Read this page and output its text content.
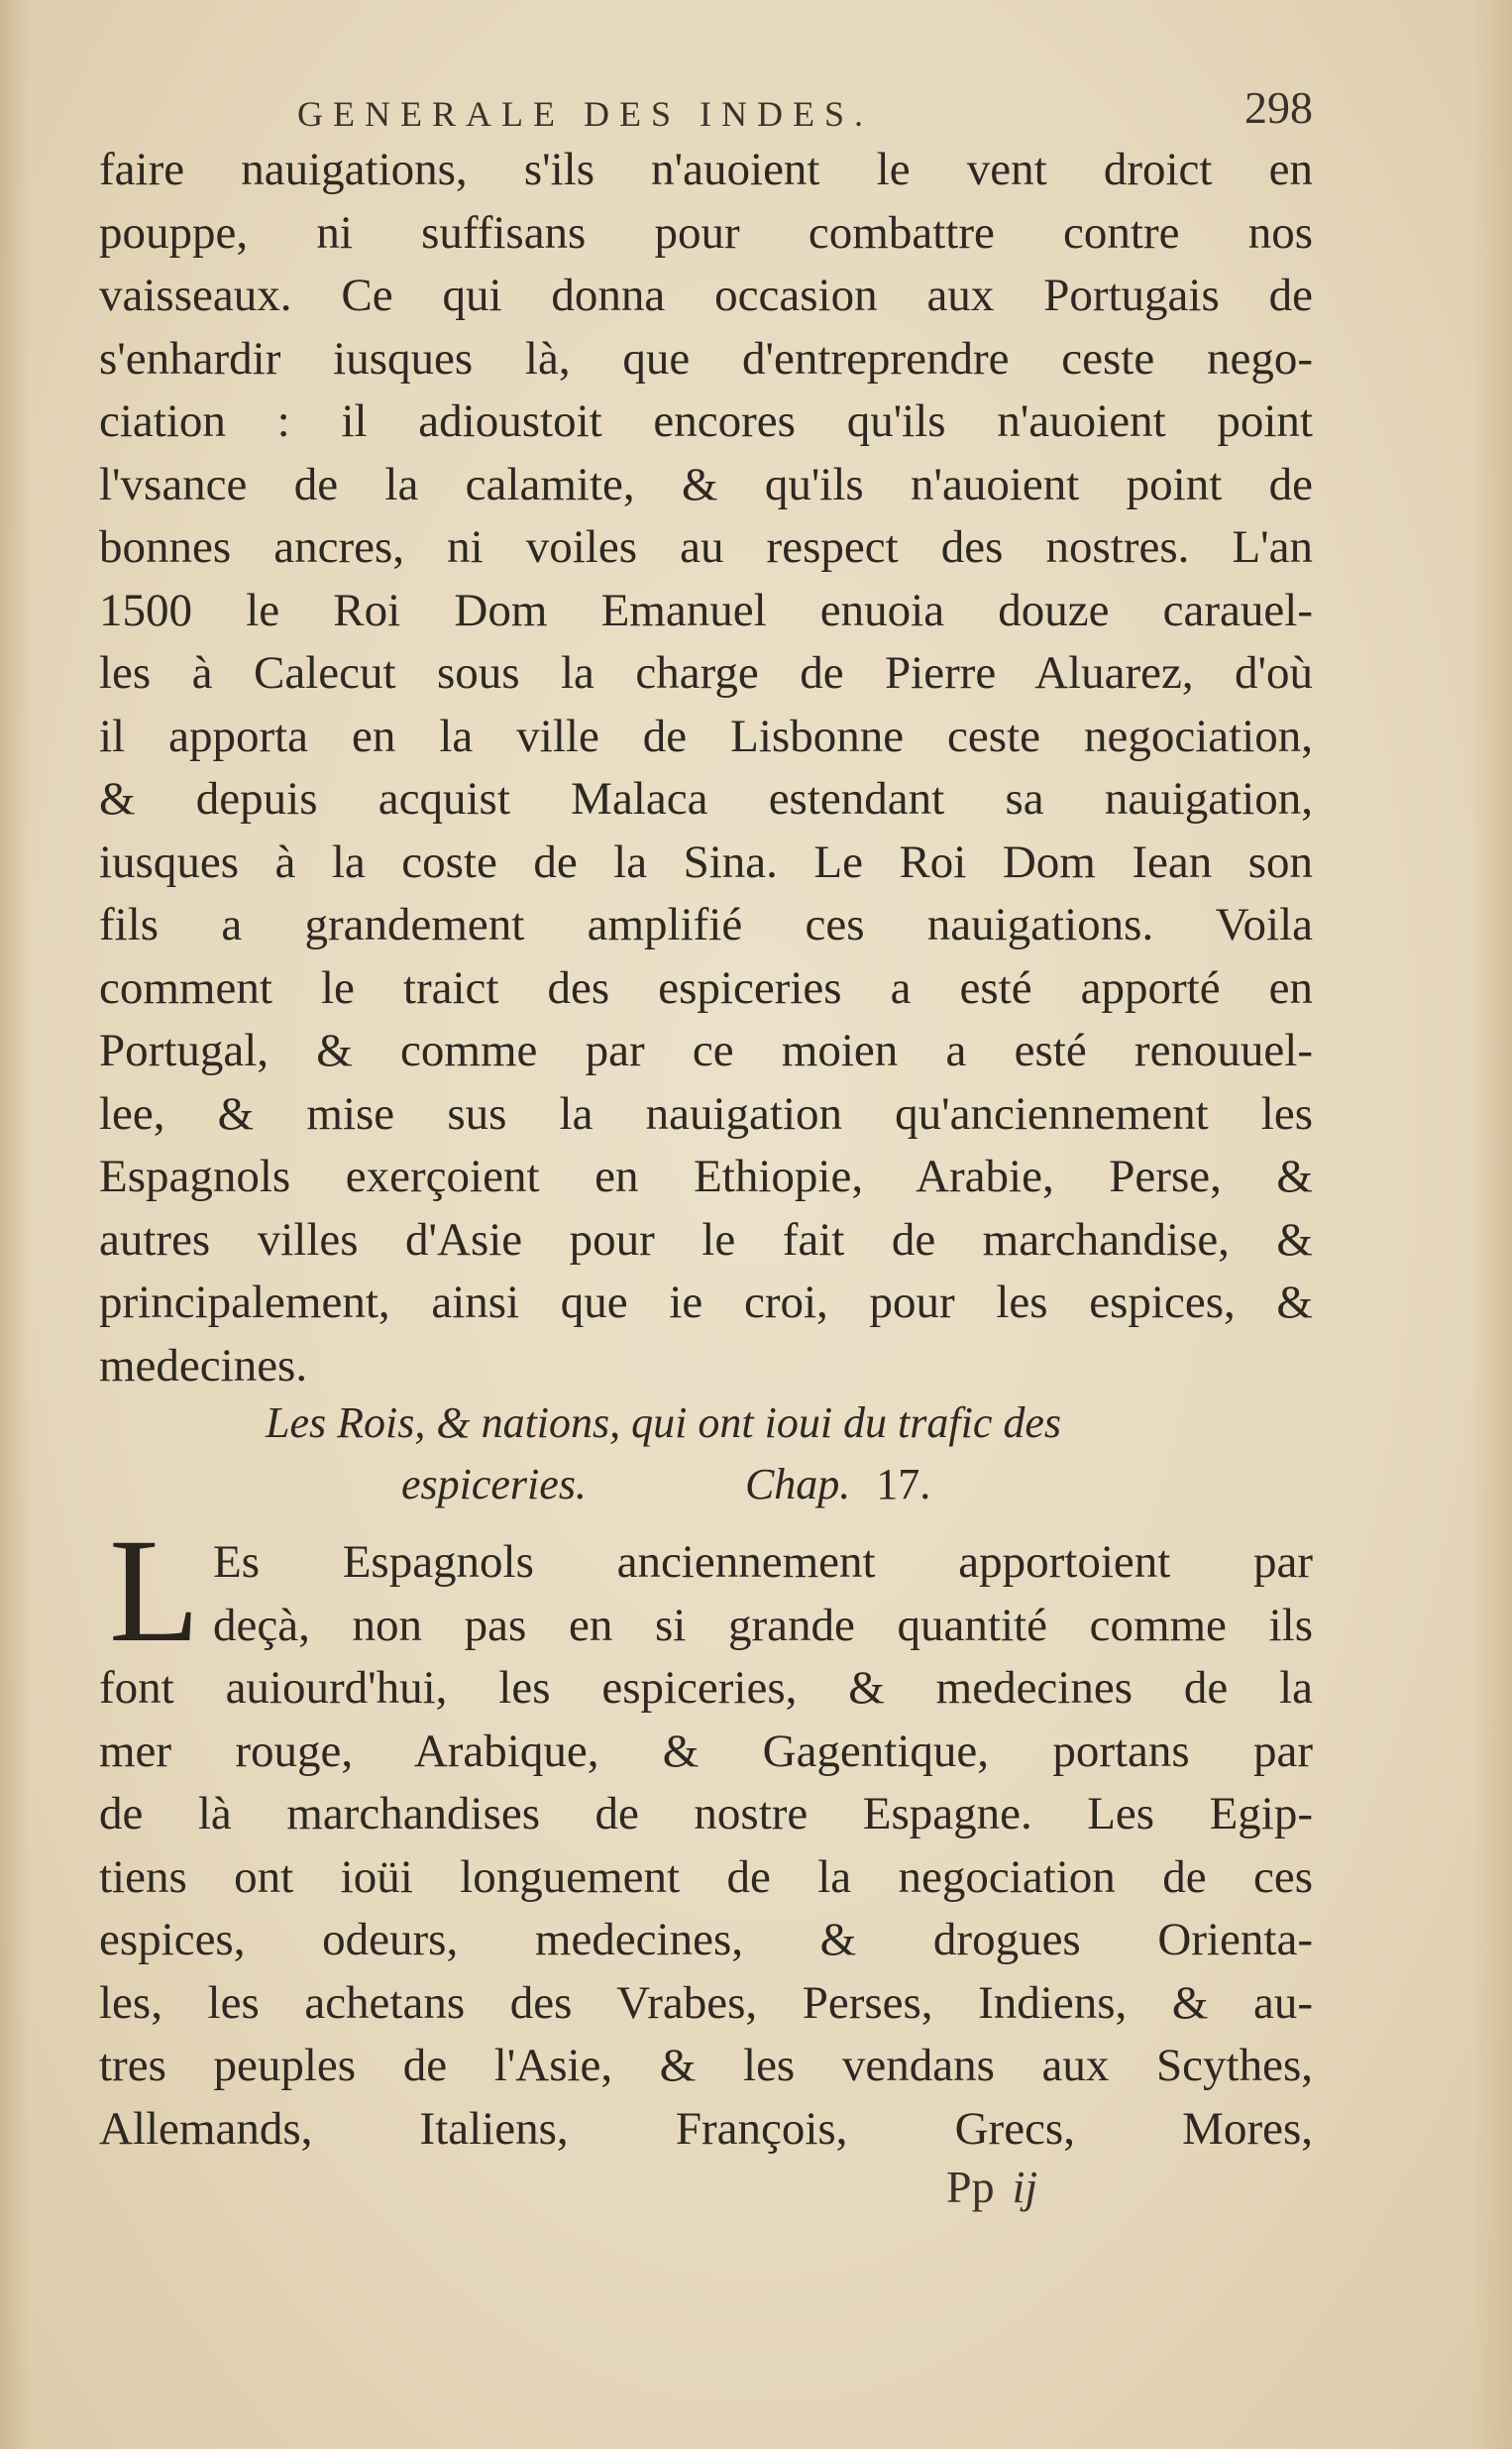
GENERALE DES INDES.	298
faire nauigations, s'ils n'auoient le vent droict en
pouppe, ni suffisans pour combattre contre nos
vaisseaux. Ce qui donna occasion aux Portugais de
s'enhardir iusques là, que d'entreprendre ceste nego-
ciation : il adioustoit encores qu'ils n'auoient point
l'vsance de la calamite, & qu'ils n'auoient point de
bonnes ancres, ni voiles au respect des nostres. L'an
1500 le Roi Dom Emanuel enuoia douze carauel-
les à Calecut sous la charge de Pierre Aluarez, d'où
il apporta en la ville de Lisbonne ceste negociation,
& depuis acquist Malaca estendant sa nauigation,
iusques à la coste de la Sina. Le Roi Dom Iean son
fils a grandement amplifié ces nauigations. Voila
comment le traict des espiceries a esté apporté en
Portugal, & comme par ce moien a esté renouuel-
lee, & mise sus la nauigation qu'anciennement les
Espagnols exerçoient en Ethiopie, Arabie, Perse, &
autres villes d'Asie pour le fait de marchandise, &
principalement, ainsi que ie croi, pour les espices, &
medecines.
Les Rois, & nations, qui ont ioui du trafic des
espiceries.	Chap. 17.
L Es Espagnols anciennement apportoient par
deçà, non pas en si grande quantité comme ils
font auiourd'hui, les espiceries, & medecines de la
mer rouge, Arabique, & Gagentique, portans par
de là marchandises de nostre Espagne. Les Egip-
tiens ont ioüi longuement de la negociation de ces
espices, odeurs, medecines, & drogues Orienta-
les, les achetans des Vrabes, Perses, Indiens, & au-
tres peuples de l'Asie, & les vendans aux Scythes,
Allemands, Italiens, François, Grecs, Mores,
Pp ij
